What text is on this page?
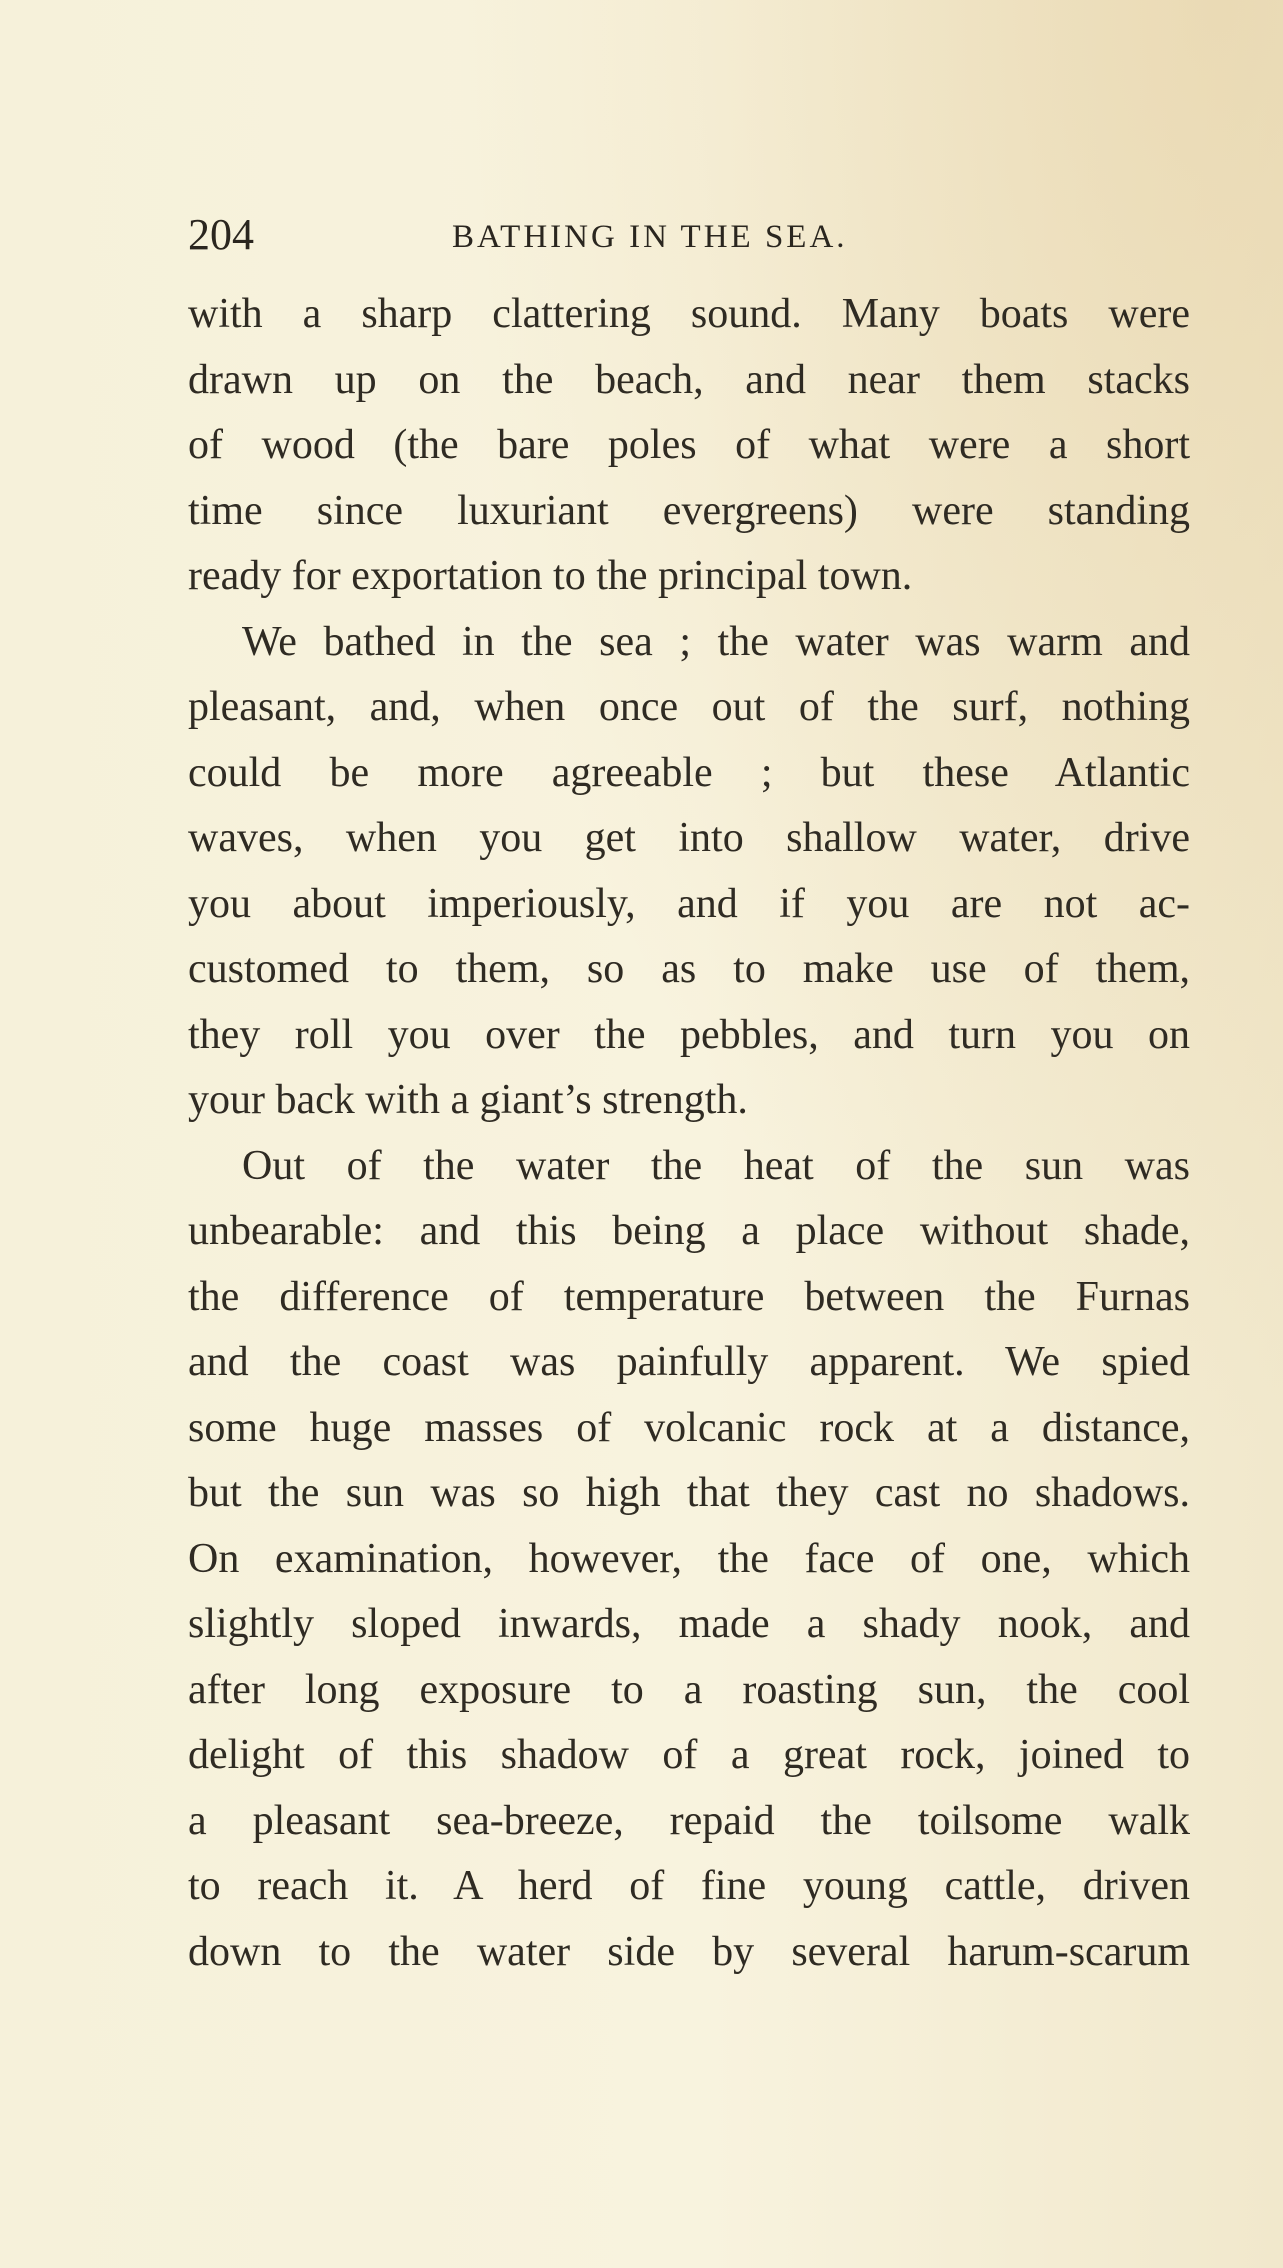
204	BATHING IN THE SEA.
with a sharp clattering sound. Many boats were
drawn up on the beach, and near them stacks
of wood (the bare poles of what were a short
time since luxuriant evergreens) were standing
ready for exportation to the principal town.
We bathed in the sea ; the water was warm and
pleasant, and, when once out of the surf, nothing
could be more agreeable ; but these Atlantic
waves, when you get into shallow water, drive
you about imperiously, and if you are not ac-
customed to them, so as to make use of them,
they roll you over the pebbles, and turn you on
your back with a giant’s strength.
Out of the water the heat of the sun was
unbearable: and this being a place without shade,
the difference of temperature between the Furnas
and the coast was painfully apparent. We spied
some huge masses of volcanic rock at a distance,
but the sun was so high that they cast no shadows.
On examination, however, the face of one, which
slightly sloped inwards, made a shady nook, and
after long exposure to a roasting sun, the cool
delight of this shadow of a great rock, joined to
a pleasant sea-breeze, repaid the toilsome walk
to reach it. A herd of fine young cattle, driven
down to the water side by several harum-scarum
